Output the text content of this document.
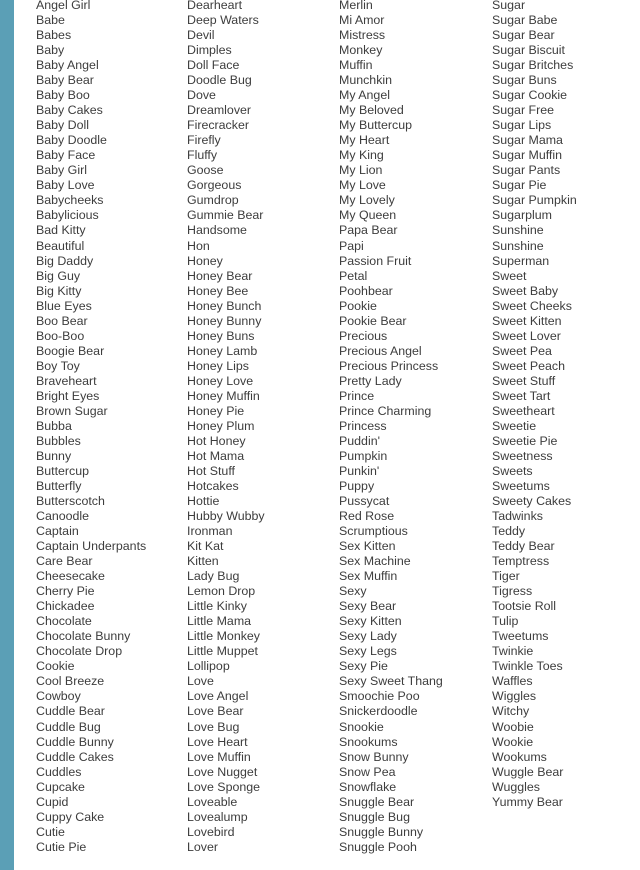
Angel Girl
Babe
Babes
Baby
Baby Angel
Baby Bear
Baby Boo
Baby Cakes
Baby Doll
Baby Doodle
Baby Face
Baby Girl
Baby Love
Babycheeks
Babylicious
Bad Kitty
Beautiful
Big Daddy
Big Guy
Big Kitty
Blue Eyes
Boo Bear
Boo-Boo
Boogie Bear
Boy Toy
Braveheart
Bright Eyes
Brown Sugar
Bubba
Bubbles
Bunny
Buttercup
Butterfly
Butterscotch
Canoodle
Captain
Captain Underpants
Care Bear
Cheesecake
Cherry Pie
Chickadee
Chocolate
Chocolate Bunny
Chocolate Drop
Cookie
Cool Breeze
Cowboy
Cuddle Bear
Cuddle Bug
Cuddle Bunny
Cuddle Cakes
Cuddles
Cupcake
Cupid
Cuppy Cake
Cutie
Cutie Pie
Dearheart
Deep Waters
Devil
Dimples
Doll Face
Doodle Bug
Dove
Dreamlover
Firecracker
Firefly
Fluffy
Goose
Gorgeous
Gumdrop
Gummie Bear
Handsome
Hon
Honey
Honey Bear
Honey Bee
Honey Bunch
Honey Bunny
Honey Buns
Honey Lamb
Honey Lips
Honey Love
Honey Muffin
Honey Pie
Honey Plum
Hot Honey
Hot Mama
Hot Stuff
Hotcakes
Hottie
Hubby Wubby
Ironman
Kit Kat
Kitten
Lady Bug
Lemon Drop
Little Kinky
Little Mama
Little Monkey
Little Muppet
Lollipop
Love
Love Angel
Love Bear
Love Bug
Love Heart
Love Muffin
Love Nugget
Love Sponge
Loveable
Lovealump
Lovebird
Lover
Merlin
Mi Amor
Mistress
Monkey
Muffin
Munchkin
My Angel
My Beloved
My Buttercup
My Heart
My King
My Lion
My Love
My Lovely
My Queen
Papa Bear
Papi
Passion Fruit
Petal
Poohbear
Pookie
Pookie Bear
Precious
Precious Angel
Precious Princess
Pretty Lady
Prince
Prince Charming
Princess
Puddin'
Pumpkin
Punkin'
Puppy
Pussycat
Red Rose
Scrumptious
Sex Kitten
Sex Machine
Sex Muffin
Sexy
Sexy Bear
Sexy Kitten
Sexy Lady
Sexy Legs
Sexy Pie
Sexy Sweet Thang
Smoochie Poo
Snickerdoodle
Snookie
Snookums
Snow Bunny
Snow Pea
Snowflake
Snuggle Bear
Snuggle Bug
Snuggle Bunny
Snuggle Pooh
Sugar
Sugar Babe
Sugar Bear
Sugar Biscuit
Sugar Britches
Sugar Buns
Sugar Cookie
Sugar Free
Sugar Lips
Sugar Mama
Sugar Muffin
Sugar Pants
Sugar Pie
Sugar Pumpkin
Sugarplum
Sunshine
Sunshine
Superman
Sweet
Sweet Baby
Sweet Cheeks
Sweet Kitten
Sweet Lover
Sweet Pea
Sweet Peach
Sweet Stuff
Sweet Tart
Sweetheart
Sweetie
Sweetie Pie
Sweetness
Sweets
Sweetums
Sweety Cakes
Tadwinks
Teddy
Teddy Bear
Temptress
Tiger
Tigress
Tootsie Roll
Tulip
Tweetums
Twinkie
Twinkle Toes
Waffles
Wiggles
Witchy
Woobie
Wookie
Wookums
Wuggle Bear
Wuggles
Yummy Bear
